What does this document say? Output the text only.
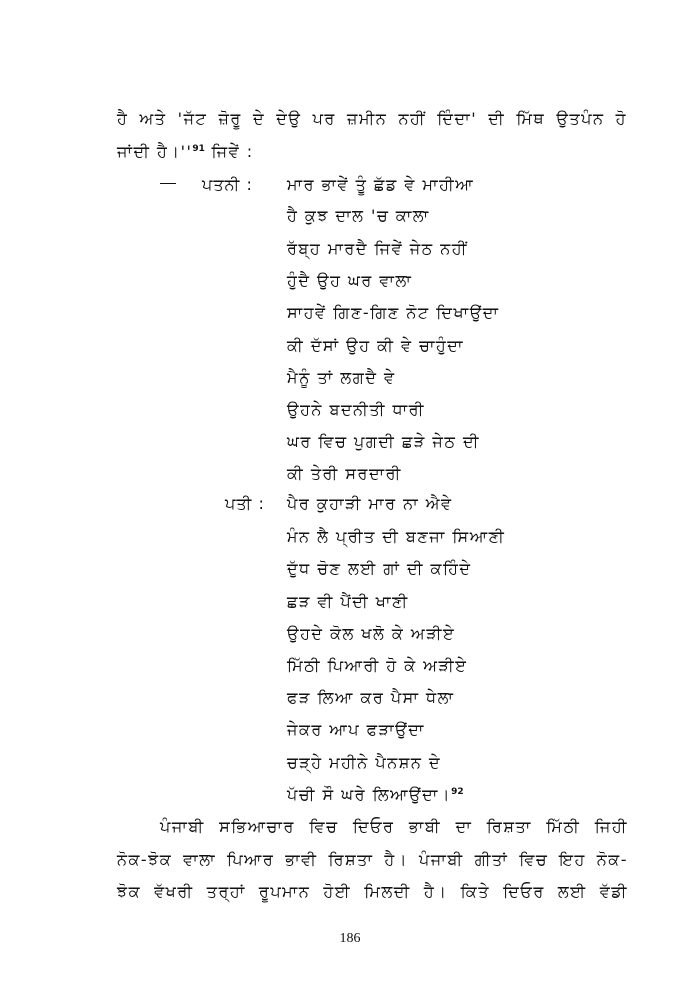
ਹੈ ਅਤੇ 'ਜੱਟ ਜ਼ੋਰੂ ਦੇ ਦੇਉ ਪਰ ਜ਼ਮੀਨ ਨਹੀਂ ਦਿੰਦਾ' ਦੀ ਮਿੱਥ ਉਤਪੰਨ ਹੋ
ਜਾਂਦੀ $ਹੈ।''^{91}$ ਜਿਵੇਂ :
ਪਤਨੀ : ਮਾਰ ਭਾਵੇਂ ਤੂੰ ਛੱਡ ਵੇ ਮਾਹੀਆ
ਹੈ ਕੁਝ ਦਾਲ 'ਚ ਕਾਲਾ
ਰੱਬ੍ਹ ਮਾਰਦੈ ਜਿਵੇਂ ਜੇਠ ਨਹੀਂ
ਹੁੰਦੈ ਉਹ ਘਰ ਵਾਲਾ
ਸਾਹਵੇਂ ਗਿਣ-ਗਿਣ ਨੋਟ ਦਿਖਾਉਂਦਾ
ਕੀ ਦੱਸਾਂ ਉਹ ਕੀ ਵੇ ਚਾਹੁੰਦਾ
ਮੈਨੂੰ ਤਾਂ ਲਗਦੈ ਵੇ
ਉਹਨੇ ਬਦਨੀਤੀ ਧਾਰੀ
ਘਰ ਵਿਚ ਪੁਗਦੀ ਛੜੇ ਜੇਠ ਦੀ
ਕੀ ਤੇਰੀ ਸਰਦਾਰੀ
ਪਤੀ : ਪੈਰ ਕੁਹਾੜੀ ਮਾਰ ਨਾ ਐਵੇ
ਮੰਨ ਲੈ ਪ੍ਰੀਤ ਦੀ ਬਣਜਾ ਸਿਆਣੀ
ਦੁੱਧ ਚੋਣ ਲਈ ਗਾਂ ਦੀ ਕਹਿੰਦੇ
ਛੜ ਵੀ ਪੈਂਦੀ ਖਾਣੀ
ਉਹਦੇ ਕੋਲ ਖਲੋ ਕੇ ਅੜੀਏ
ਮਿੱਠੀ ਪਿਆਰੀ ਹੋ ਕੇ ਅੜੀਏ
ਫੜ ਲਿਆ ਕਰ ਪੈਸਾ ਧੇਲਾ
ਜੇਕਰ ਆਪ ਫੜਾਉਂਦਾ
ਚੜ੍ਹੇ ਮਹੀਨੇ ਪੈਨਸ਼ਨ ਦੇ
ਪੱਚੀ ਸੌ ਘਰੇ ਲਿਆਉਂਦਾ।$^{92}$
ਪੰਜਾਬੀ ਸਭਿਆਚਾਰ ਵਿਚ ਦਿਓਰ ਭਾਬੀ ਦਾ ਰਿਸ਼ਤਾ ਮਿੱਠੀ ਜਿਹੀ
ਨੋਕ-ਝੋਕ ਵਾਲਾ ਪਿਆਰ ਭਾਵੀ ਰਿਸ਼ਤਾ ਹੈ। ਪੰਜਾਬੀ ਗੀਤਾਂ ਵਿਚ ਇਹ ਨੋਕ-
ਝੋਕ ਵੱਖਰੀ ਤਰ੍ਹਾਂ ਰੂਪਮਾਨ ਹੋਈ ਮਿਲਦੀ ਹੈ। ਕਿਤੇ ਦਿਓਰ ਲਈ ਵੱਡੀ
186
